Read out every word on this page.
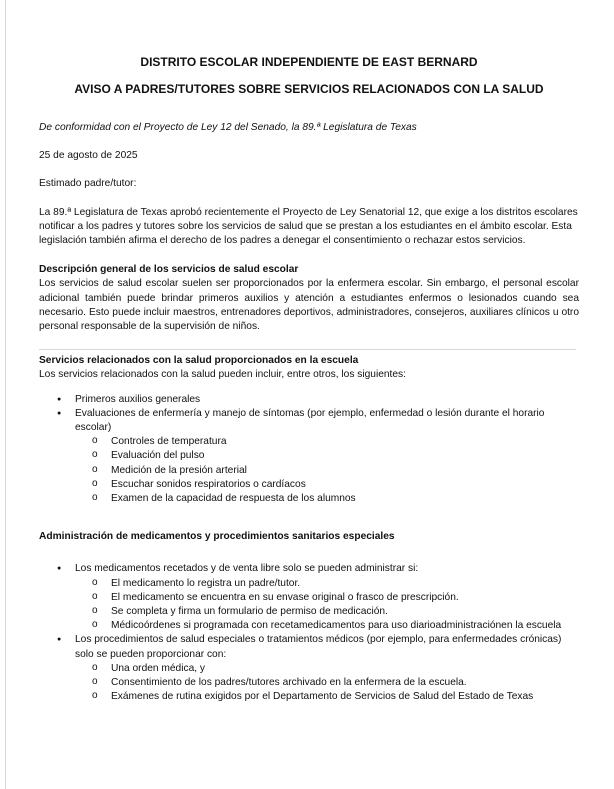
DISTRITO ESCOLAR INDEPENDIENTE DE EAST BERNARD

AVISO A PADRES/TUTORES SOBRE SERVICIOS RELACIONADOS CON LA SALUD

De conformidad con el Proyecto de Ley 12 del Senado, la 89.ª Legislatura de Texas
25 de agosto de 2025
Estimado padre/tutor:
La 89.ª Legislatura de Texas aprobó recientemente el Proyecto de Ley Senatorial 12, que exige a los distritos escolares notificar a los padres y tutores sobre los servicios de salud que se prestan a los estudiantes en el ámbito escolar. Esta legislación también afirma el derecho de los padres a denegar el consentimiento o rechazar estos servicios.
Descripción general de los servicios de salud escolar
Los servicios de salud escolar suelen ser proporcionados por la enfermera escolar. Sin embargo, el personal escolar adicional también puede brindar primeros auxilios y atención a estudiantes enfermos o lesionados cuando sea necesario. Esto puede incluir maestros, entrenadores deportivos, administradores, consejeros, auxiliares clínicos u otro personal responsable de la supervisión de niños.
Servicios relacionados con la salud proporcionados en la escuela
Los servicios relacionados con la salud pueden incluir, entre otros, los siguientes:
● Primeros auxilios generales
● Evaluaciones de enfermería y manejo de síntomas (por ejemplo, enfermedad o lesión durante el horario escolar)
o Controles de temperatura
o Evaluación del pulso
o Medición de la presión arterial
o Escuchar sonidos respiratorios o cardíacos
o Examen de la capacidad de respuesta de los alumnos
Administración de medicamentos y procedimientos sanitarios especiales
● Los medicamentos recetados y de venta libre solo se pueden administrar si:
o El medicamento lo registra un padre/tutor.
o El medicamento se encuentra en su envase original o frasco de prescripción.
o Se completa y firma un formulario de permiso de medicación.
o Médicoórdenes si programada con recetamedicamentos para uso diarioadministraciónen la escuela
● Los procedimientos de salud especiales o tratamientos médicos (por ejemplo, para enfermedades crónicas) solo se pueden proporcionar con:
o Una orden médica, y
o Consentimiento de los padres/tutores archivado en la enfermera de la escuela.
o Exámenes de rutina exigidos por el Departamento de Servicios de Salud del Estado de Texas
